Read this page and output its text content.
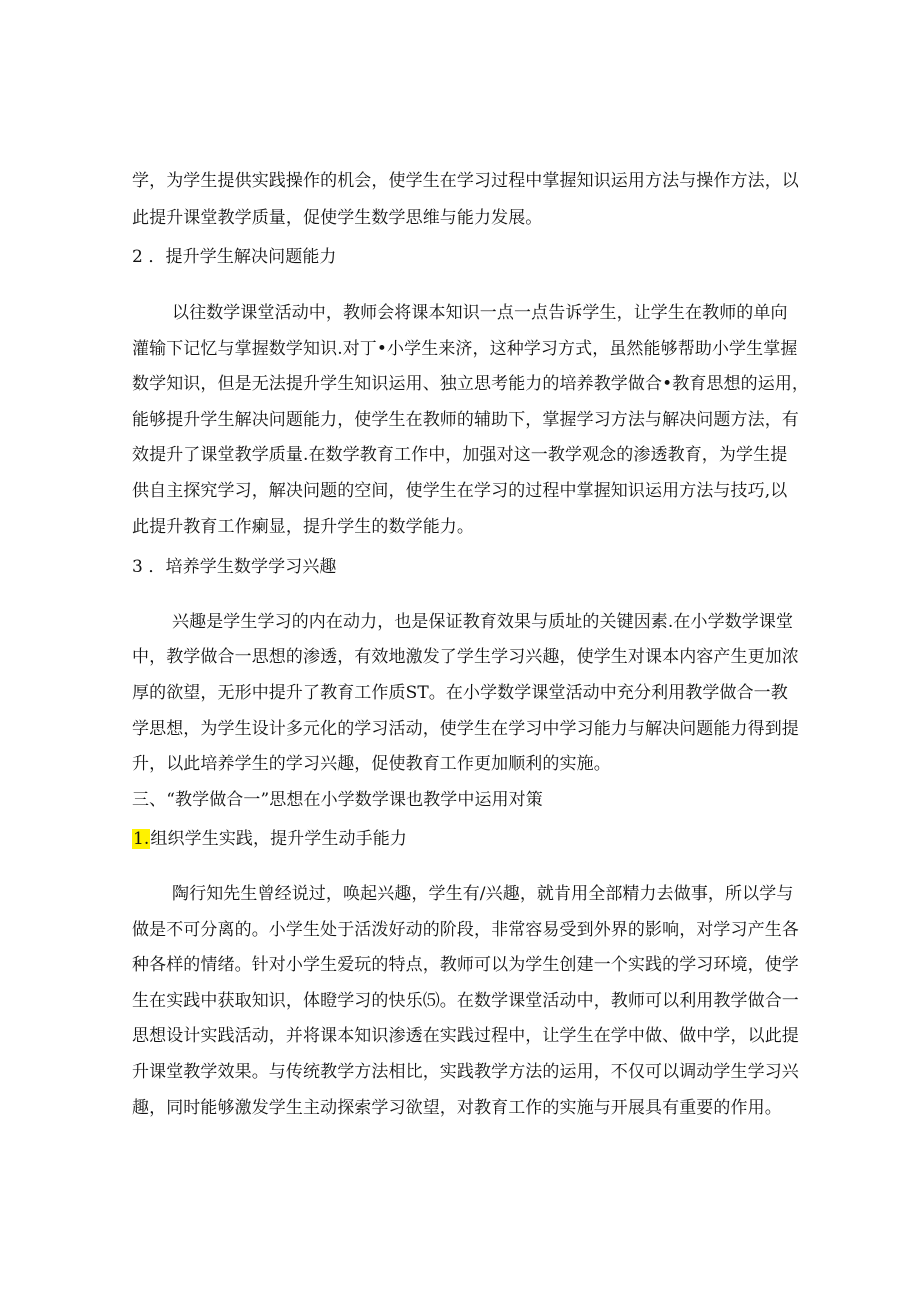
学，为学生提供实践操作的机会，使学生在学习过程中掌握知识运用方法与操作方法，以
此提升课堂教学质量，促使学生数学思维与能力发展。
2 ．提升学生解决问题能力
以往数学课堂活动中，教师会将课本知识一点一点告诉学生，让学生在教师的单向
灌输下记忆与掌握数学知识.对丁•小学生来济，这种学习方式，虽然能够帮助小学生掌握
数学知识，但是无法提升学生知识运用、独立思考能力的培养教学做合•教育思想的运用，
能够提升学生解决问题能力，使学生在教师的辅助下，掌握学习方法与解决问题方法，有
效提升了课堂教学质量.在数学教育工作中，加强对这一教学观念的渗透教育，为学生提
供自主探究学习，解决问题的空间，使学生在学习的过程中掌握知识运用方法与技巧,以
此提升教育工作瘌显，提升学生的数学能力。
3 ．培养学生数学学习兴趣
兴趣是学生学习的内在动力，也是保证教育效果与质址的关键因素.在小学数学课堂
中，教学做合一思想的渗透，有效地激发了学生学习兴趣，使学生对课本内容产生更加浓
厚的欲望，无形中提升了教育工作质ST。在小学数学课堂活动中充分利用教学做合一教
学思想，为学生设计多元化的学习活动，使学生在学习中学习能力与解决问题能力得到提
升，以此培养学生的学习兴趣，促使教育工作更加顺利的实施。
三、“教学做合一”思想在小学数学课也教学中运用对策
1.组织学生实践，提升学生动手能力
陶行知先生曾经说过，唤起兴趣，学生有/兴趣，就肯用全部精力去做事，所以学与
做是不可分离的。小学生处于活泼好动的阶段，非常容易受到外界的影响，对学习产生各
种各样的情绪。针对小学生爱玩的特点，教师可以为学生创建一个实践的学习环境，使学
生在实践中获取知识，体瞪学习的快乐⑸。在数学课堂活动中，教师可以利用教学做合一
思想设计实践活动，并将课本知识渗透在实践过程中，让学生在学中做、做中学，以此提
升课堂教学效果。与传统教学方法相比，实践教学方法的运用，不仅可以调动学生学习兴
趣，同时能够激发学生主动探索学习欲望，对教育工作的实施与开展具有重要的作用。
